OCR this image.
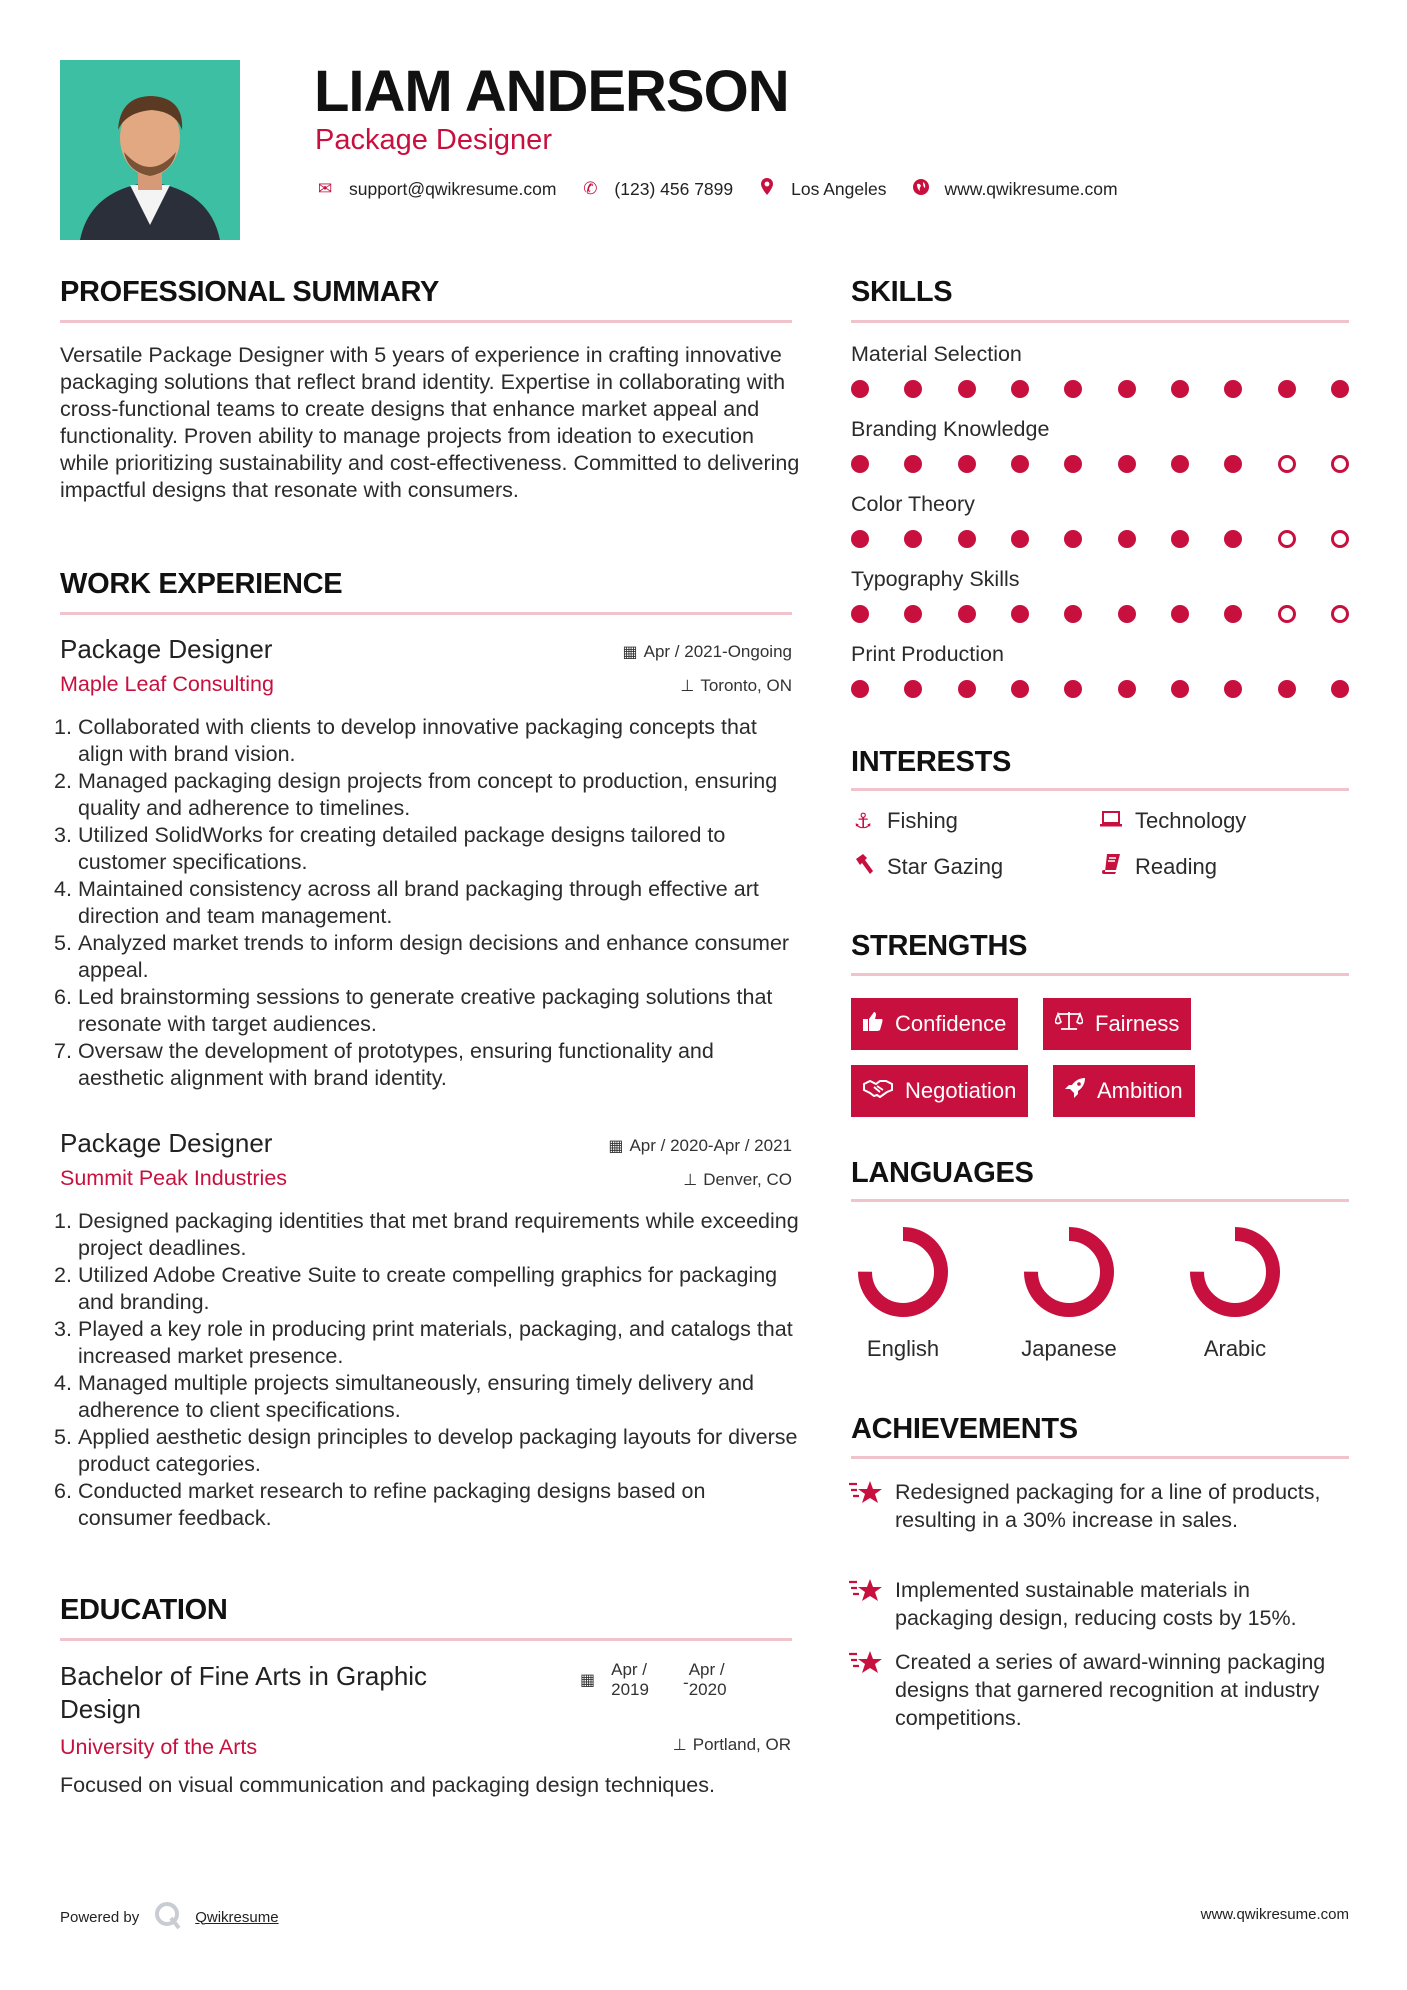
LIAM ANDERSON
Package Designer
✉ support@qwikresume.com ✆ (123) 456 7899	Los Angeles	www.qwikresume.com
PROFESSIONAL SUMMARY
Versatile Package Designer with 5 years of experience in crafting innovative packaging solutions that reflect brand identity. Expertise in collaborating with cross-functional teams to create designs that enhance market appeal and functionality. Proven ability to manage projects from ideation to execution while prioritizing sustainability and cost-effectiveness. Committed to delivering impactful designs that resonate with consumers.
WORK EXPERIENCE
Package Designer	▦ Apr / 2021-Ongoing
Maple Leaf Consulting	⊥ Toronto, ON
1. Collaborated with clients to develop innovative packaging concepts that align with brand vision.
2. Managed packaging design projects from concept to production, ensuring quality and adherence to timelines.
3. Utilized SolidWorks for creating detailed package designs tailored to customer specifications.
4. Maintained consistency across all brand packaging through effective art direction and team management.
5. Analyzed market trends to inform design decisions and enhance consumer appeal.
6. Led brainstorming sessions to generate creative packaging solutions that resonate with target audiences.
7. Oversaw the development of prototypes, ensuring functionality and aesthetic alignment with brand identity.
Package Designer	▦ Apr / 2020-Apr / 2021
Summit Peak Industries	⊥ Denver, CO
1. Designed packaging identities that met brand requirements while exceeding project deadlines.
2. Utilized Adobe Creative Suite to create compelling graphics for packaging and branding.
3. Played a key role in producing print materials, packaging, and catalogs that increased market presence.
4. Managed multiple projects simultaneously, ensuring timely delivery and adherence to client specifications.
5. Applied aesthetic design principles to develop packaging layouts for diverse product categories.
6. Conducted market research to refine packaging designs based on consumer feedback.
EDUCATION
Bachelor of Fine Arts in Graphic Design
▦	Apr /	-	Apr /
	2019		2020
University of the Arts	⊥ Portland, OR
Focused on visual communication and packaging design techniques.
SKILLS
Material Selection
Branding Knowledge
Color Theory
Typography Skills
Print Production
INTERESTS
⚓ Fishing	Technology
Star Gazing	Reading
STRENGTHS
Confidence	Fairness
Negotiation	Ambition
LANGUAGES
English	Japanese	Arabic
ACHIEVEMENTS
Redesigned packaging for a line of products, resulting in a 30% increase in sales.
Implemented sustainable materials in packaging design, reducing costs by 15%.
Created a series of award-winning packaging designs that garnered recognition at industry competitions.
Powered by	Qwikresume	www.qwikresume.com
